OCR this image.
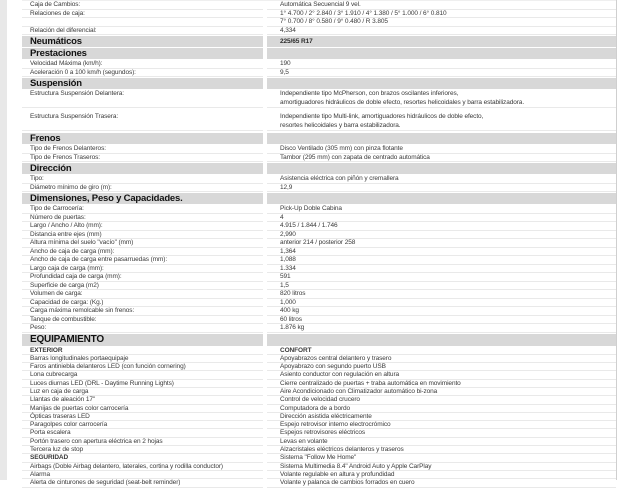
Caja de Cambios:	Automática Secuencial 9 vel.
Relaciones de caja:	1° 4.700 / 2° 2.840 / 3° 1.910 / 4° 1.380 / 5° 1.000 / 6° 0.810
7° 0.700 / 8° 0.580 / 9° 0.480 / R 3.805
Relación del diferencial:	4,334
Neumáticos	225/65 R17
Prestaciones
Velocidad Máxima (km/h):	190
Aceleración 0 a 100 km/h (segundos):	9,5
Suspensión
Estructura Suspensión Delantera:	Independiente tipo McPherson, con brazos oscilantes inferiores,
amortiguadores hidráulicos de doble efecto, resortes helicoidales y barra estabilizadora.
Estructura Suspensión Trasera:	Independiente tipo Multi-link, amortiguadores hidráulicos de doble efecto,
resortes helicoidales y barra estabilizadora.
Frenos
Tipo de Frenos Delanteros:	Disco Ventilado (305 mm) con pinza flotante
Tipo de Frenos Traseros:	Tambor (295 mm) con zapata de centrado automática
Dirección
Tipo:	Asistencia eléctrica con piñón y cremallera
Diámetro mínimo de giro (m):	12,9
Dimensiones, Peso y Capacidades.
Tipo de Carrocería:	Pick-Up Doble Cabina
Número de puertas:	4
Largo / Ancho / Alto (mm):	4.915 / 1.844 / 1.746
Distancia entre ejes (mm)	2,990
Altura mínima del suelo "vacío" (mm)	anterior 214 / posterior 258
Ancho de caja de carga (mm):	1,364
Ancho de caja de carga entre pasarruedas (mm):	1,088
Largo caja de carga (mm):	1.334
Profundidad caja de carga (mm):	591
Superficie de carga (m2)	1,5
Volumen de carga:	820 litros
Capacidad de carga: (Kg.)	1,000
Carga máxima remolcable sin frenos:	400 kg
Tanque de combustible:	60 litros
Peso:	1.876 kg
EQUIPAMIENTO
EXTERIOR	CONFORT
Barras longitudinales portaequipaje	Apoyabrazos central delantero y trasero
Faros antiniebla delanteros LED (con función cornering)	Apoyabrazo con segundo puerto USB
Lona cubrecarga	Asiento conductor con regulación en altura
Luces diurnas LED (DRL - Daytime Running Lights)	Cierre centralizado de puertas + traba automática en movimiento
Luz en caja de carga	Aire Acondicionado con Climatizador automático bi-zona
Llantas de aleación 17''	Control de velocidad crucero
Manijas de puertas color carrocería	Computadora de a bordo
Ópticas traseras LED	Dirección asistida eléctricamente
Paragolpes color carrocería	Espejo retrovisor interno electrocrómico
Porta escalera	Espejos retrovisores eléctricos
Portón trasero con apertura eléctrica en 2 hojas	Levas en volante
Tercera luz de stop	Alzacristales eléctricos delanteros y traseros
SEGURIDAD	Sistema "Follow Me Home"
Airbags (Doble Airbag delantero, laterales, cortina y rodilla conductor)	Sistema Multimedia 8.4" Android Auto y Apple CarPlay
Alarma	Volante regulable en altura y profundidad
Alerta de cinturones de seguridad (seat-belt reminder)	Volante y palanca de cambios forrados en cuero
